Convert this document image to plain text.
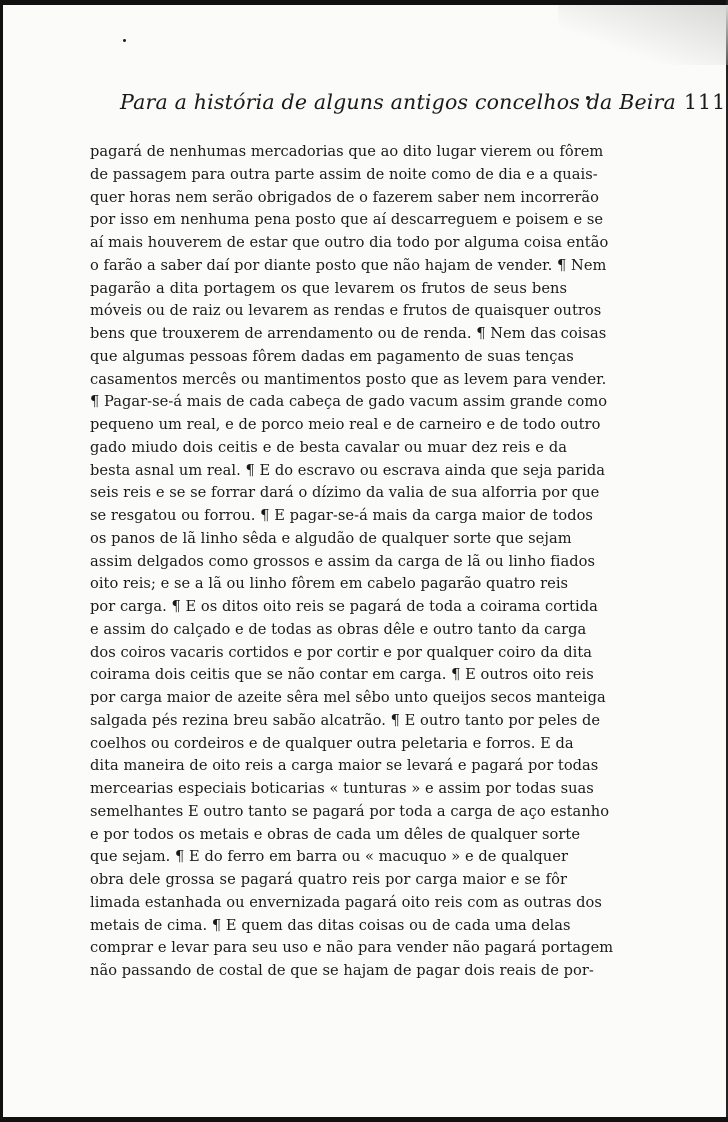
Para a história de alguns antigos concelhos da Beira 111
pagará de nenhumas mercadorias que ao dito lugar vierem ou fôrem
de passagem para outra parte assim de noite como de dia e a quais-
quer horas nem serão obrigados de o fazerem saber nem incorrerão
por isso em nenhuma pena posto que aí descarreguem e poisem e se
aí mais houverem de estar que outro dia todo por alguma coisa então
o farão a saber daí por diante posto que não hajam de vender. ¶ Nem
pagarão a dita portagem os que levarem os frutos de seus bens
móveis ou de raiz ou levarem as rendas e frutos de quaisquer outros
bens que trouxerem de arrendamento ou de renda. ¶ Nem das coisas
que algumas pessoas fôrem dadas em pagamento de suas tenças
casamentos mercês ou mantimentos posto que as levem para vender.
¶ Pagar-se-á mais de cada cabeça de gado vacum assim grande como
pequeno um real, e de porco meio real e de carneiro e de todo outro
gado miudo dois ceitis e de besta cavalar ou muar dez reis e da
besta asnal um real. ¶ E do escravo ou escrava ainda que seja parida
seis reis e se se forrar dará o dízimo da valia de sua alforria por que
se resgatou ou forrou. ¶ E pagar-se-á mais da carga maior de todos
os panos de lã linho sêda e algudão de qualquer sorte que sejam
assim delgados como grossos e assim da carga de lã ou linho fiados
oito reis; e se a lã ou linho fôrem em cabelo pagarão quatro reis
por carga. ¶ E os ditos oito reis se pagará de toda a coirama cortida
e assim do calçado e de todas as obras dêle e outro tanto da carga
dos coiros vacaris cortidos e por cortir e por qualquer coiro da dita
coirama dois ceitis que se não contar em carga. ¶ E outros oito reis
por carga maior de azeite sêra mel sêbo unto queijos secos manteiga
salgada pés rezina breu sabão alcatrão. ¶ E outro tanto por peles de
coelhos ou cordeiros e de qualquer outra peletaria e forros. E da
dita maneira de oito reis a carga maior se levará e pagará por todas
mercearias especiais boticarias « tunturas » e assim por todas suas
semelhantes E outro tanto se pagará por toda a carga de aço estanho
e por todos os metais e obras de cada um dêles de qualquer sorte
que sejam. ¶ E do ferro em barra ou « macuquo » e de qualquer
obra dele grossa se pagará quatro reis por carga maior e se fôr
limada estanhada ou envernizada pagará oito reis com as outras dos
metais de cima. ¶ E quem das ditas coisas ou de cada uma delas
comprar e levar para seu uso e não para vender não pagará portagem
não passando de costal de que se hajam de pagar dois reais de por-
